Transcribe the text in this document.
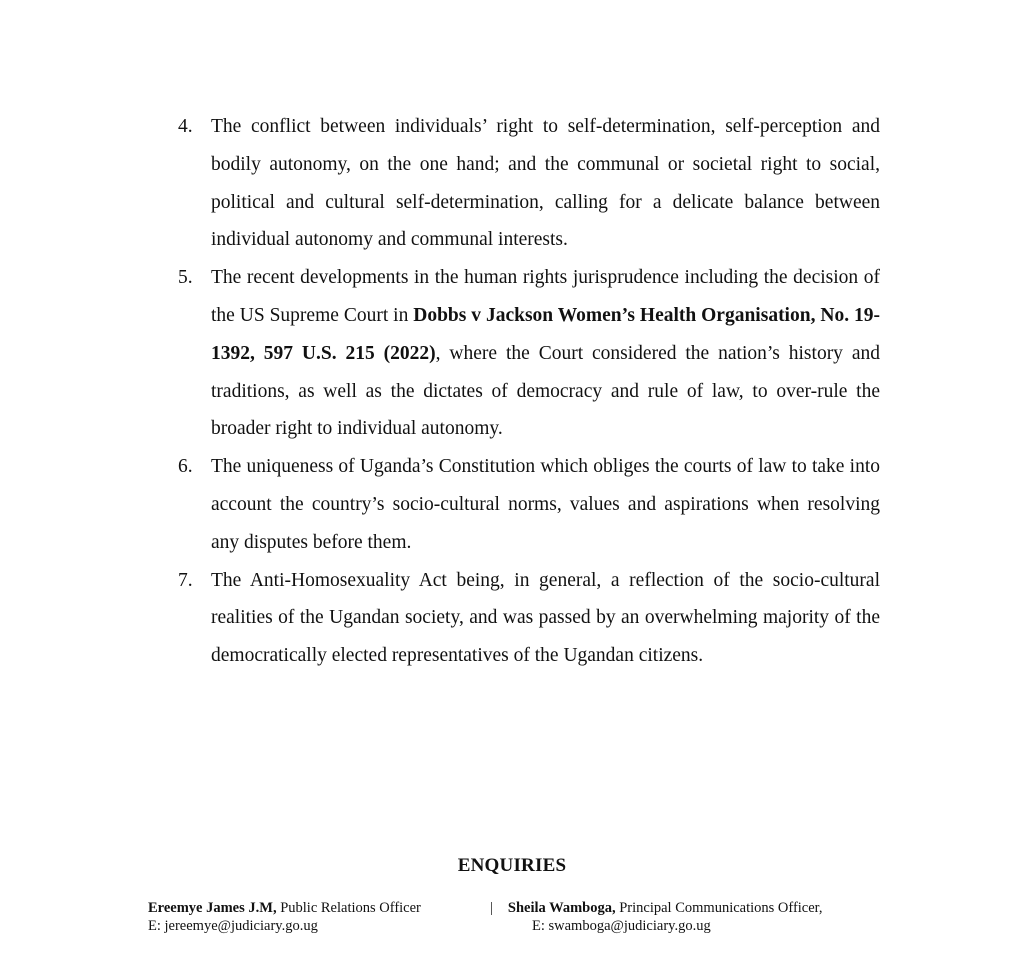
4. The conflict between individuals’ right to self-determination, self-perception and bodily autonomy, on the one hand; and the communal or societal right to social, political and cultural self-determination, calling for a delicate balance between individual autonomy and communal interests.
5. The recent developments in the human rights jurisprudence including the decision of the US Supreme Court in Dobbs v Jackson Women’s Health Organisation, No. 19-1392, 597 U.S. 215 (2022), where the Court considered the nation’s history and traditions, as well as the dictates of democracy and rule of law, to over-rule the broader right to individual autonomy.
6. The uniqueness of Uganda’s Constitution which obliges the courts of law to take into account the country’s socio-cultural norms, values and aspirations when resolving any disputes before them.
7. The Anti-Homosexuality Act being, in general, a reflection of the socio-cultural realities of the Ugandan society, and was passed by an overwhelming majority of the democratically elected representatives of the Ugandan citizens.
ENQUIRIES
Ereemye James J.M, Public Relations Officer
E: jereemye@judiciary.go.ug
| Sheila Wamboga, Principal Communications Officer,
E: swamboga@judiciary.go.ug
